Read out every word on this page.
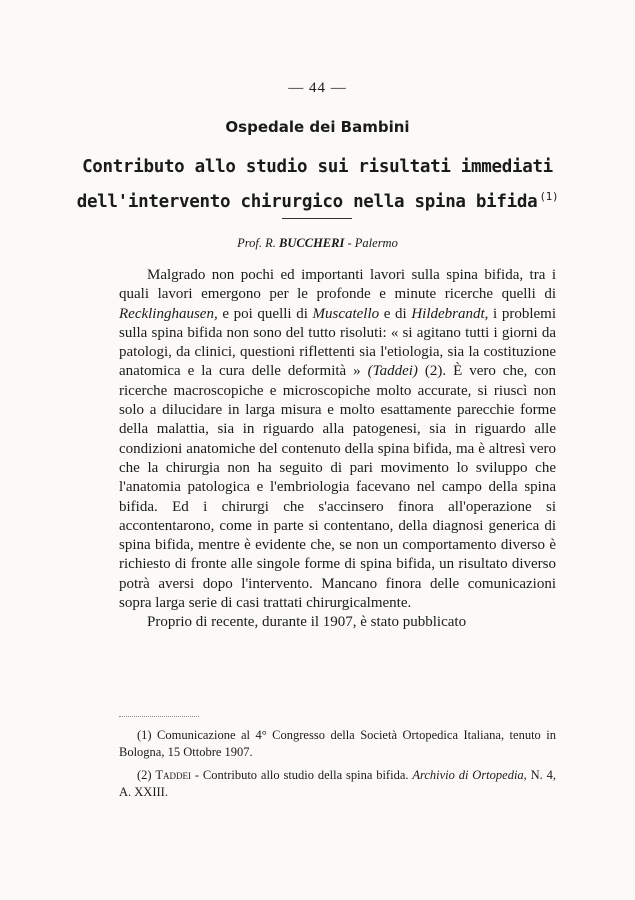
— 44 —
Ospedale dei Bambini
Contributo allo studio sui risultati immediati
dell'intervento chirurgico nella spina bifida $^{(1)}$
Prof. R. BUCCHERI - Palermo

Malgrado non pochi ed importanti lavori sulla spina bifida, tra i quali lavori emergono per le profonde e minute ricerche quelli di Recklinghausen, e poi quelli di Muscatello e di Hildebrandt, i problemi sulla spina bifida non sono del tutto risoluti: « si agitano tutti i giorni da patologi, da clinici, questioni riflettenti sia l'etiologia, sia la costituzione anatomica e la cura delle deformità » (Taddei) (2). È vero che, con ricerche macroscopiche e microscopiche molto accurate, si riuscì non solo a dilucidare in larga misura e molto esattamente parecchie forme della malattia, sia in riguardo alla patogenesi, sia in riguardo alle condizioni anatomiche del contenuto della spina bifida, ma è altresì vero che la chirurgia non ha seguito di pari movimento lo sviluppo che l'anatomia patologica e l'embriologia facevano nel campo della spina bifida. Ed i chirurgi che s'accinsero finora all'operazione si accontentarono, come in parte si contentano, della diagnosi generica di spina bifida, mentre è evidente che, se non un comportamento diverso è richiesto di fronte alle singole forme di spina bifida, un risultato diverso potrà aversi dopo l'intervento. Mancano finora delle comunicazioni sopra larga serie di casi trattati chirurgicalmente.

Proprio di recente, durante il 1907, è stato pubblicato

(1) Comunicazione al 4° Congresso della Società Ortopedica Italiana, tenuto in Bologna, 15 Ottobre 1907.

(2) Taddei - Contributo allo studio della spina bifida. Archivio di Ortopedia, N. 4, A. XXIII.
